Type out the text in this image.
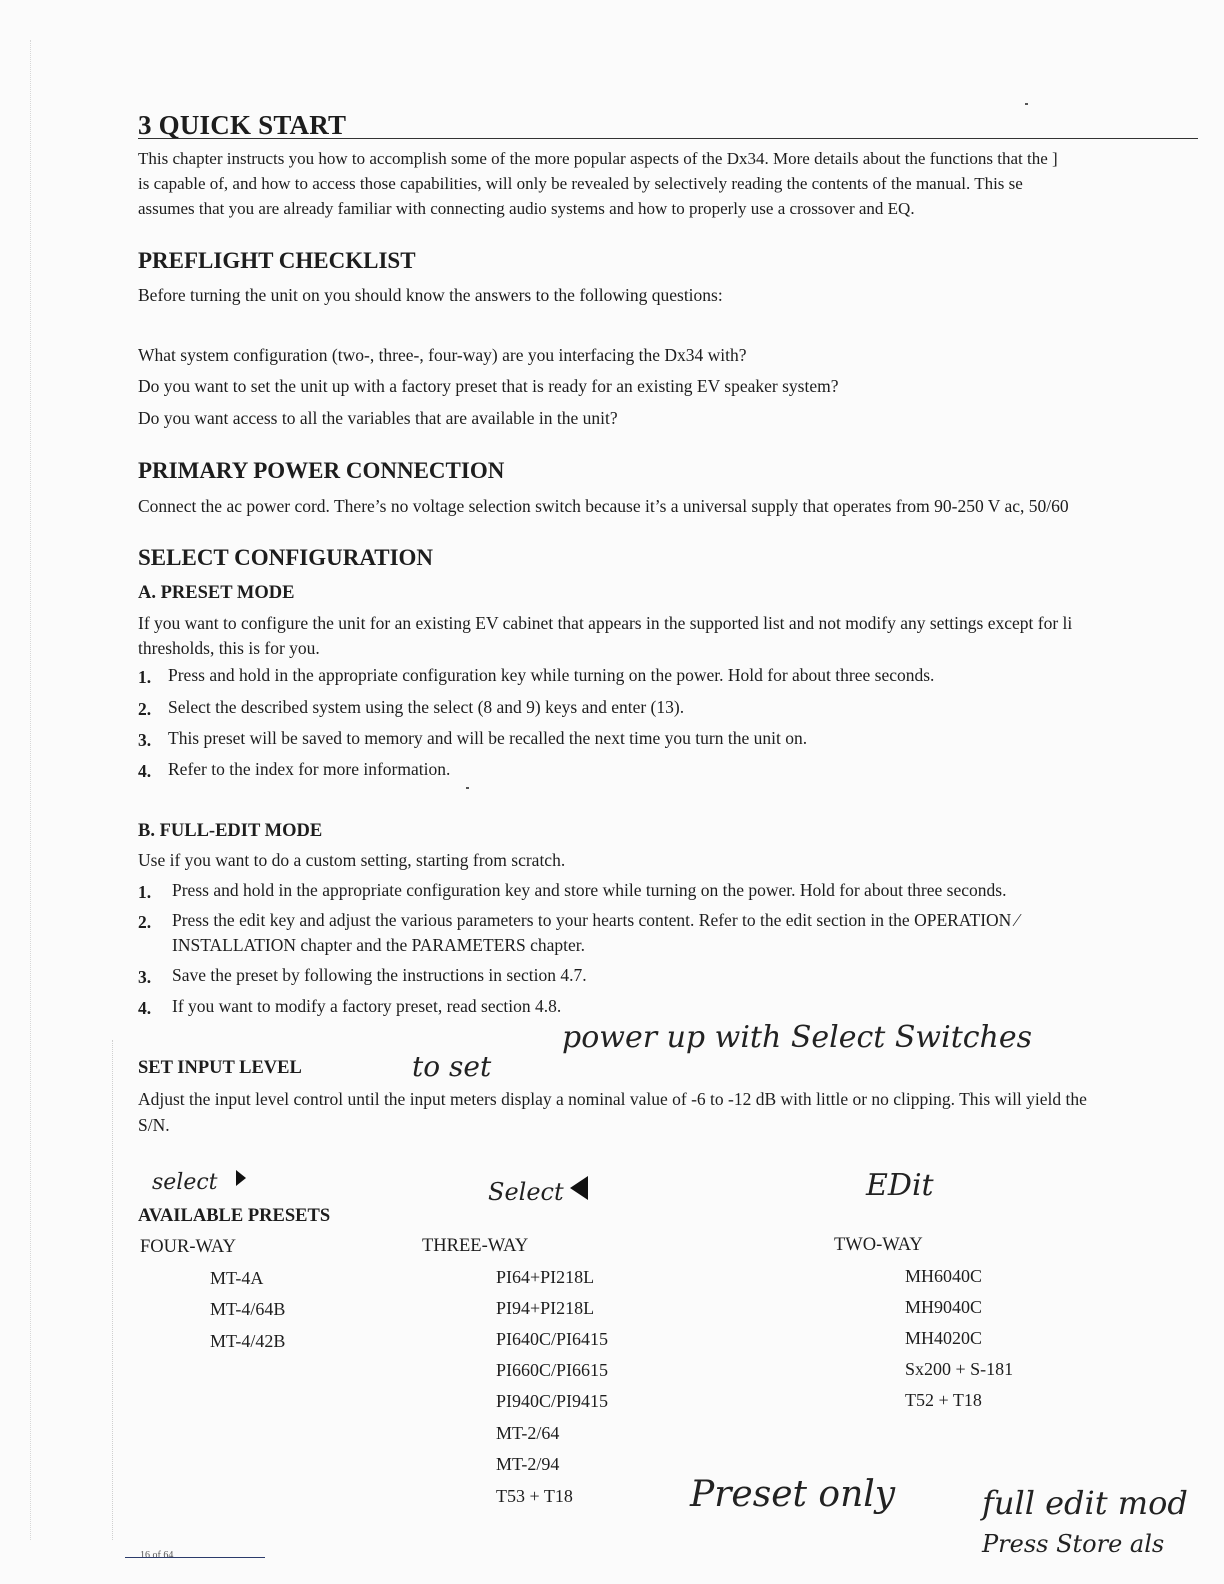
3 QUICK START
This chapter instructs you how to accomplish some of the more popular aspects of the Dx34. More details about the functions that the ]
is capable of, and how to access those capabilities, will only be revealed by selectively reading the contents of the manual. This se
assumes that you are already familiar with connecting audio systems and how to properly use a crossover and EQ.
PREFLIGHT CHECKLIST
Before turning the unit on you should know the answers to the following questions:
What system configuration (two-, three-, four-way) are you interfacing the Dx34 with?
Do you want to set the unit up with a factory preset that is ready for an existing EV speaker system?
Do you want access to all the variables that are available in the unit?
PRIMARY POWER CONNECTION
Connect the ac power cord. There’s no voltage selection switch because it’s a universal supply that operates from 90-250 V ac, 50/60
SELECT CONFIGURATION
A. PRESET MODE
If you want to configure the unit for an existing EV cabinet that appears in the supported list and not modify any settings except for li
thresholds, this is for you.
1. Press and hold in the appropriate configuration key while turning on the power. Hold for about three seconds.
2. Select the described system using the select (8 and 9) keys and enter (13).
3. This preset will be saved to memory and will be recalled the next time you turn the unit on.
4. Refer to the index for more information.
B. FULL-EDIT MODE
Use if you want to do a custom setting, starting from scratch.
1. Press and hold in the appropriate configuration key and store while turning on the power. Hold for about three seconds.
2. Press the edit key and adjust the various parameters to your hearts content. Refer to the edit section in the OPERATION ⁄
INSTALLATION chapter and the PARAMETERS chapter.
3. Save the preset by following the instructions in section 4.7.
4. If you want to modify a factory preset, read section 4.8.
SET INPUT LEVEL	to set
power up with Select Switches
Adjust the input level control until the input meters display a nominal value of -6 to -12 dB with little or no clipping. This will yield the
S/N.
select	Select	EDit
AVAILABLE PRESETS
FOUR-WAY
MT-4A
MT-4/64B
MT-4/42B
THREE-WAY
PI64+PI218L
PI94+PI218L
PI640C/PI6415
PI660C/PI6615
PI940C/PI9415
MT-2/64
MT-2/94
T53 + T18
TWO-WAY
MH6040C
MH9040C
MH4020C
Sx200 + S-181
T52 + T18
Preset only	full edit mod
Press Store als
16 of 64
